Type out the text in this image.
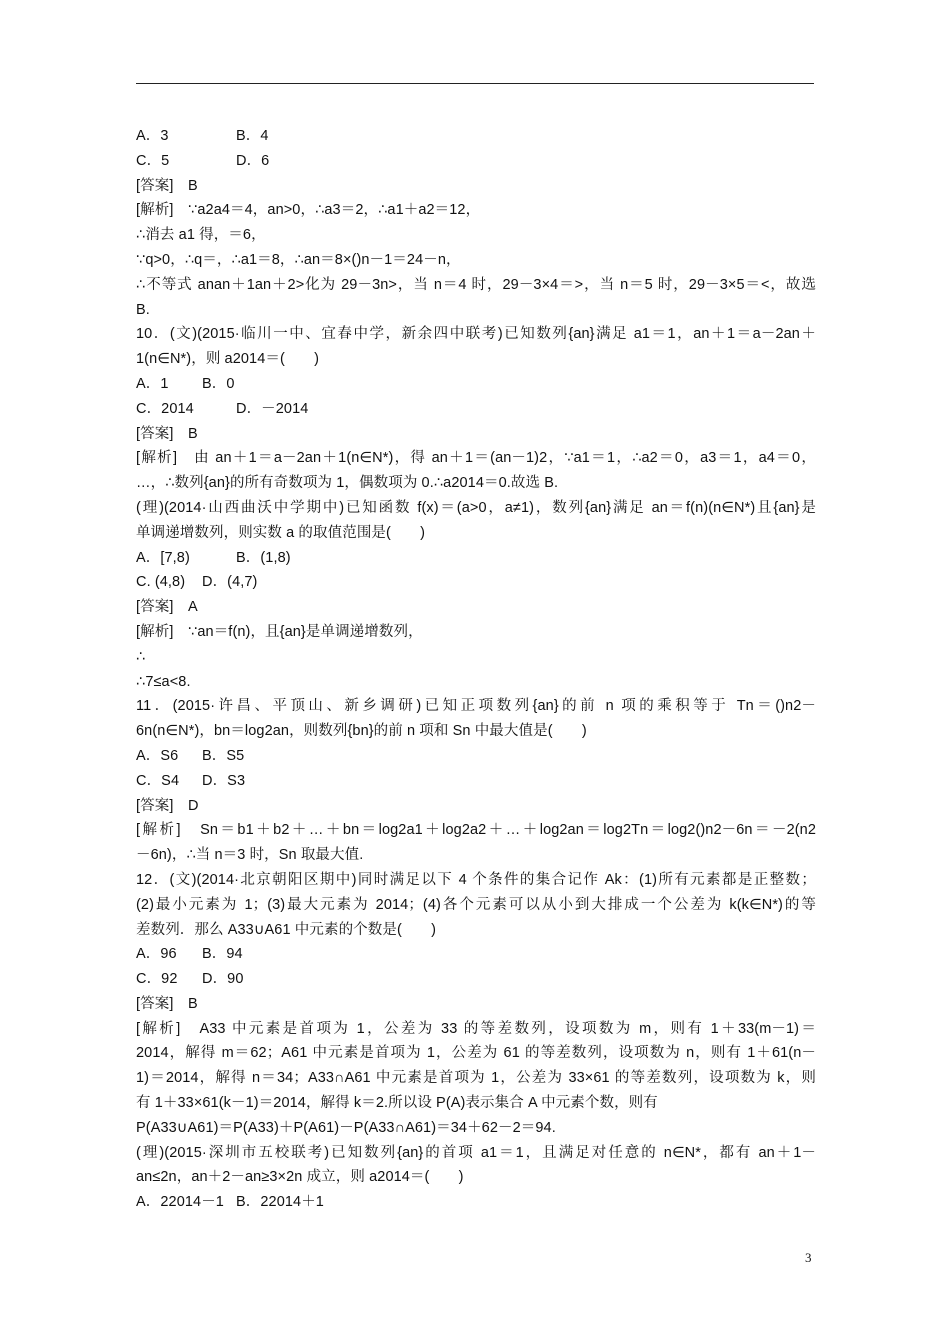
A．3	B．4
C．5	D．6
[答案]　B
[解析]　∵a2a4＝4，an>0，∴a3＝2，∴a1＋a2＝12，
∴消去 a1 得，＝6，
∵q>0，∴q＝，∴a1＝8，∴an＝8×()n－1＝24－n，
∴不等式 anan＋1an＋2>化为 29－3n>，当 n＝4 时，29－3×4＝>，当 n＝5 时，29－3×5＝<，故选
B.
10．(文)(2015·临川一中、宜春中学，新余四中联考)已知数列{an}满足 a1＝1，an＋1＝a－2an＋
1(n∈N*)，则 a2014＝(　　)
A．1 B．0
C．2014	D．－2014
[答案]　B
[解析]　由 an＋1＝a－2an＋1(n∈N*)，得 an＋1＝(an－1)2，∵a1＝1，∴a2＝0，a3＝1，a4＝0，
…，∴数列{an}的所有奇数项为 1，偶数项为 0.∴a2014＝0.故选 B.
(理)(2014·山西曲沃中学期中)已知函数 f(x)＝(a>0，a≠1)，数列{an}满足 an＝f(n)(n∈N*)且{an}是
单调递增数列，则实数 a 的取值范围是(　　)
A．[7,8)	B．(1,8)
C. (4,8) D．(4,7)
[答案]　A
[解析]　∵an＝f(n)，且{an}是单调递增数列，
∴
∴7≤a<8.
11．(2015·许昌、平顶山、新乡调研)已知正项数列{an}的前 n 项的乘积等于 Tn＝()n2－
6n(n∈N*)，bn＝log2an，则数列{bn}的前 n 项和 Sn 中最大值是(　　)
A．S6 B．S5
C．S4 D．S3
[答案]　D
[解析]　Sn＝b1＋b2＋…＋bn＝log2a1＋log2a2＋…＋log2an＝log2Tn＝log2()n2－6n＝－2(n2
－6n)，∴当 n＝3 时，Sn 取最大值.
12．(文)(2014·北京朝阳区期中)同时满足以下 4 个条件的集合记作 Ak：(1)所有元素都是正整数；
(2)最小元素为 1；(3)最大元素为 2014；(4)各个元素可以从小到大排成一个公差为 k(k∈N*)的等
差数列．那么 A33∪A61 中元素的个数是(　　)
A．96 B．94
C．92 D．90
[答案]　B
[解析]　A33 中元素是首项为 1，公差为 33 的等差数列，设项数为 m，则有 1＋33(m－1)＝
2014，解得 m＝62；A61 中元素是首项为 1，公差为 61 的等差数列，设项数为 n，则有 1＋61(n－
1)＝2014，解得 n＝34；A33∩A61 中元素是首项为 1，公差为 33×61 的等差数列，设项数为 k，则
有 1＋33×61(k－1)＝2014，解得 k＝2.所以设 P(A)表示集合 A 中元素个数，则有
P(A33∪A61)＝P(A33)＋P(A61)－P(A33∩A61)＝34＋62－2＝94.
(理)(2015·深圳市五校联考)已知数列{an}的首项 a1＝1，且满足对任意的 n∈N*，都有 an＋1－
an≤2n，an＋2－an≥3×2n 成立，则 a2014＝(　　)
A．22014－1 B．22014＋1
3
